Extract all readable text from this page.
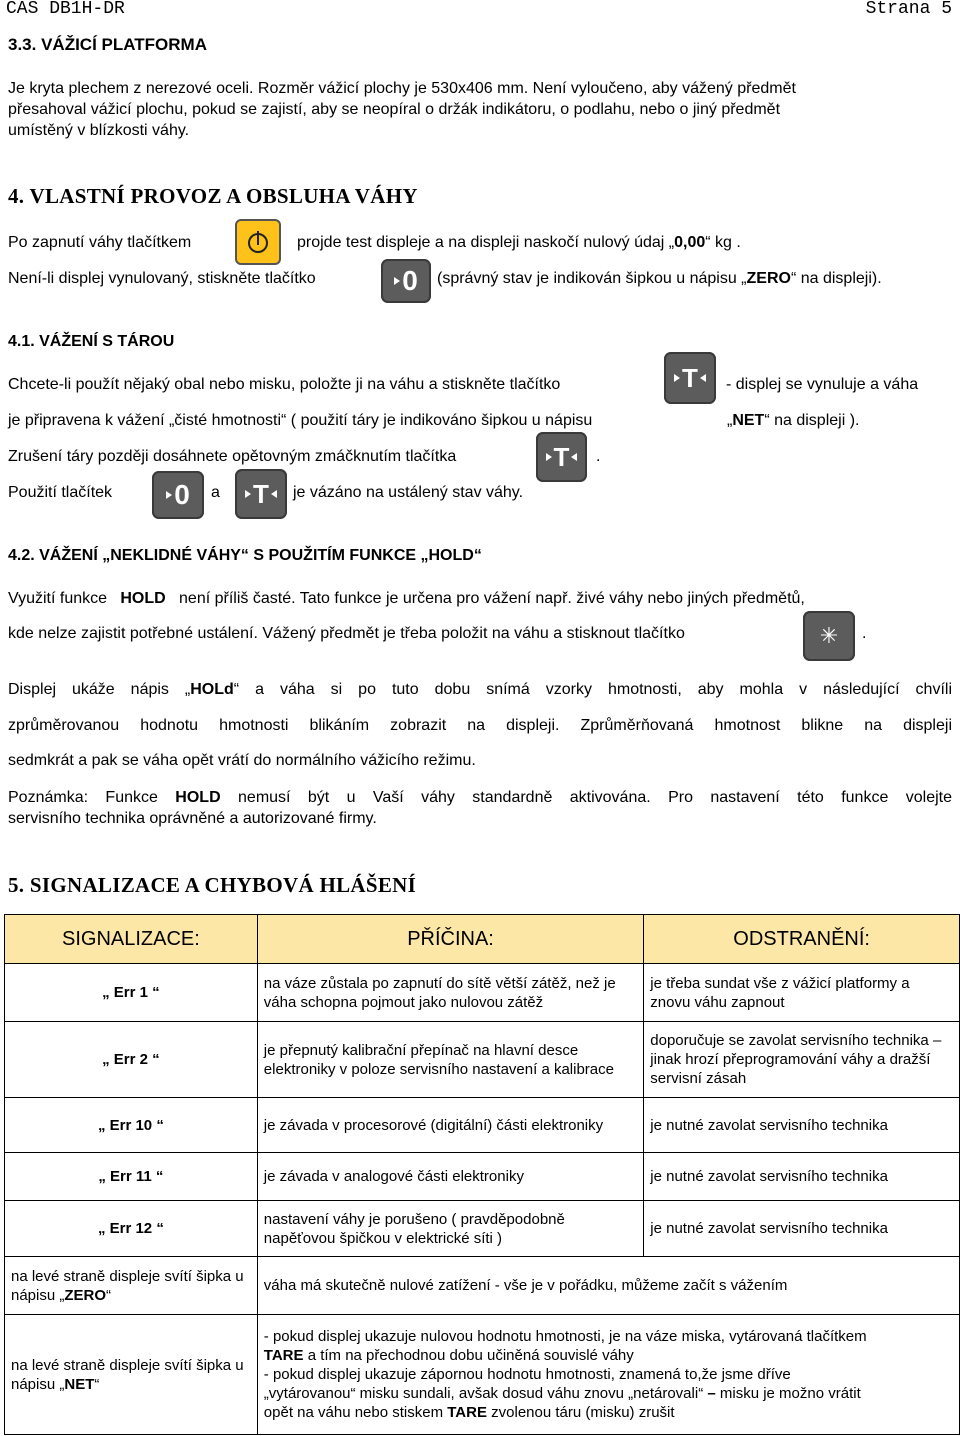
CAS DB1H-DR	Strana 5
3.3. VÁŽICÍ PLATFORMA
Je kryta plechem z nerezové oceli. Rozměr vážicí plochy je 530x406 mm. Není vyloučeno, aby vážený předmět
přesahoval vážicí plochu, pokud se zajistí, aby se neopíral o držák indikátoru, o podlahu, nebo o jiný předmět
umístěný v blízkosti váhy.
4. VLASTNÍ PROVOZ A OBSLUHA VÁHY
Po zapnutí váhy tlačítkem	projde test displeje a na displeji naskočí nulový údaj „0,00“ kg .
Není-li displej vynulovaný, stiskněte tlačítko	0 (správný stav je indikován šipkou u nápisu „ZERO“ na displeji).
4.1. VÁŽENÍ S TÁROU
Chcete-li použít nějaký obal nebo misku, položte ji na váhu a stiskněte tlačítko	T - displej se vynuluje a váha
je připravena k vážení „čisté hmotnosti“ ( použití táry je indikováno šipkou u nápisu	„NET“ na displeji ).
Zrušení táry později dosáhnete opětovným zmáčknutím tlačítka	T .
Použití tlačítek 0 a T je vázáno na ustálený stav váhy.
4.2. VÁŽENÍ „NEKLIDNÉ VÁHY“ S POUŽITÍM FUNKCE „HOLD“
Využití funkce HOLD není příliš časté. Tato funkce je určena pro vážení např. živé váhy nebo jiných předmětů,
kde nelze zajistit potřebné ustálení. Vážený předmět je třeba položit na váhu a stisknout tlačítko	✳	.
Displej ukáže nápis „HOLd“ a váha si po tuto dobu snímá vzorky hmotnosti, aby mohla v následující chvíli
zprůměrovanou hodnotu hmotnosti blikáním zobrazit na displeji. Zprůměrňovaná hmotnost blikne na displeji
sedmkrát a pak se váha opět vrátí do normálního vážicího režimu.
Poznámka: Funkce HOLD nemusí být u Vaší váhy standardně aktivována. Pro nastavení této funkce volejte
servisního technika oprávněné a autorizované firmy.
5. SIGNALIZACE A CHYBOVÁ HLÁŠENÍ
SIGNALIZACE:	PŘÍČINA:	ODSTRANĚNÍ:
„ Err 1 “	na váze zůstala po zapnutí do sítě větší zátěž, než je váha schopna pojmout jako nulovou zátěž	je třeba sundat vše z vážicí platformy a znovu váhu zapnout
„ Err 2 “	je přepnutý kalibrační přepínač na hlavní desce elektroniky v poloze servisního nastavení a kalibrace	doporučuje se zavolat servisního technika – jinak hrozí přeprogramování váhy a dražší servisní zásah
„ Err 10 “	je závada v procesorové (digitální) části elektroniky	je nutné zavolat servisního technika
„ Err 11 “	je závada v analogové části elektroniky	je nutné zavolat servisního technika
„ Err 12 “	nastavení váhy je porušeno ( pravděpodobně napěťovou špičkou v elektrické síti )	je nutné zavolat servisního technika
na levé straně displeje svítí šipka u nápisu „ZERO“	váha má skutečně nulové zatížení - vše je v pořádku, můžeme začít s vážením	
na levé straně displeje svítí šipka u nápisu „NET“	- pokud displej ukazuje nulovou hodnotu hmotnosti, je na váze miska, vytárovaná tlačítkem
TARE a tím na přechodnou dobu učiněná souvislé váhy
- pokud displej ukazuje zápornou hodnotu hmotnosti, znamená to,že jsme dříve
„vytárovanou“ misku sundali, avšak dosud váhu znovu „netárovali“ – misku je možno vrátit
opět na váhu nebo stiskem TARE zvolenou táru (misku) zrušit	
